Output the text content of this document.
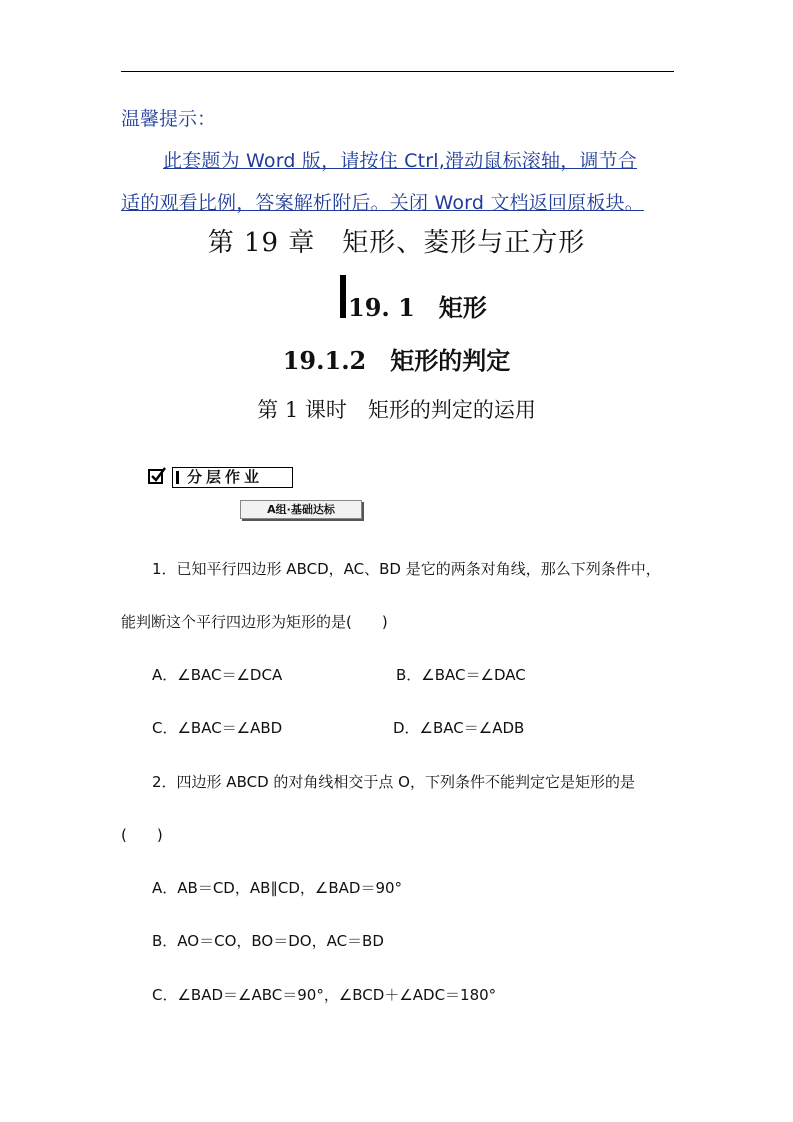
温馨提示：
此套题为 Word 版，请按住 Ctrl,滑动鼠标滚轴，调节合
适的观看比例，答案解析附后。关闭 Word 文档返回原板块。
第 19 章　矩形、菱形与正方形
19. 1　矩形
19.1.2　矩形的判定
第 1 课时　矩形的判定的运用
分层作业
A组·基础达标
1．已知平行四边形 ABCD，AC、BD 是它的两条对角线，那么下列条件中，
能判断这个平行四边形为矩形的是(　　)
A．∠BAC＝∠DCA	B．∠BAC＝∠DAC
C．∠BAC＝∠ABD	D．∠BAC＝∠ADB
2．四边形 ABCD 的对角线相交于点 O，下列条件不能判定它是矩形的是
(　　)
A．AB＝CD，AB∥CD，∠BAD＝90°
B．AO＝CO，BO＝DO，AC＝BD
C．∠BAD＝∠ABC＝90°，∠BCD＋∠ADC＝180°
